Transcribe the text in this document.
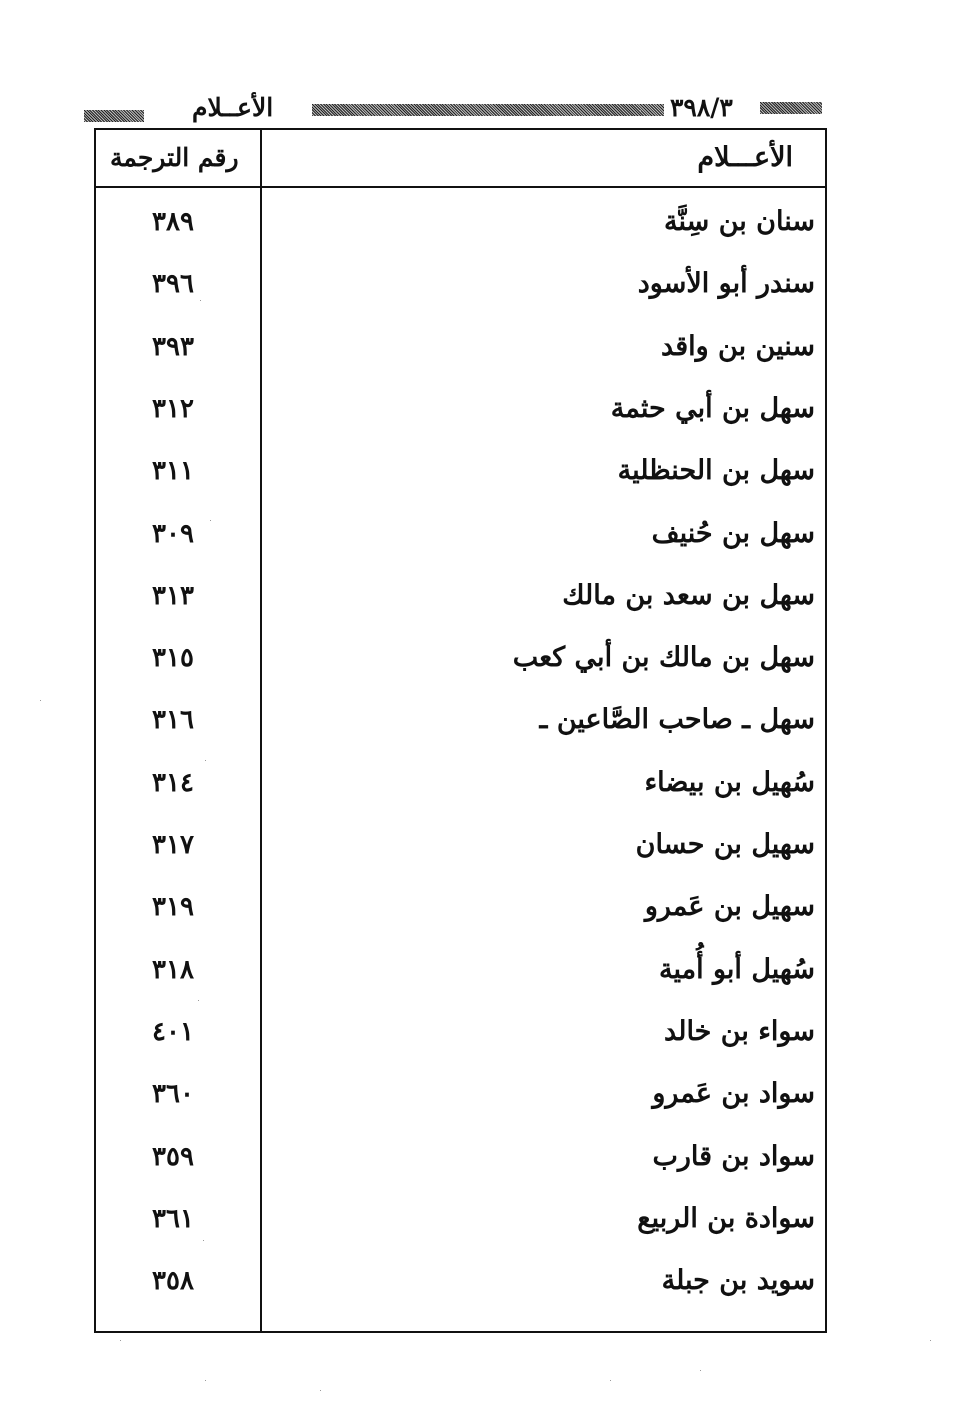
٣٩٨/٣
الأعــلام
الأعـــلام
رقم الترجمة
سنان بن سِنَّة
٣٨٩
سندر أبو الأسود
٣٩٦
سنين بن واقد
٣٩٣
سهل بن أبي حثمة
٣١٢
سهل بن الحنظلية
٣١١
سهل بن حُنيف
٣٠٩
سهل بن سعد بن مالك
٣١٣
سهل بن مالك بن أبي كعب
٣١٥
سهل ـ صاحب الصَّاعين ـ
٣١٦
سُهيل بن بيضاء
٣١٤
سهيل بن حسان
٣١٧
سهيل بن عَمرو
٣١٩
سُهيل أبو أُمية
٣١٨
سواء بن خالد
٤٠١
سواد بن عَمرو
٣٦٠
سواد بن قارب
٣٥٩
سوادة بن الربيع
٣٦١
سويد بن جبلة
٣٥٨
